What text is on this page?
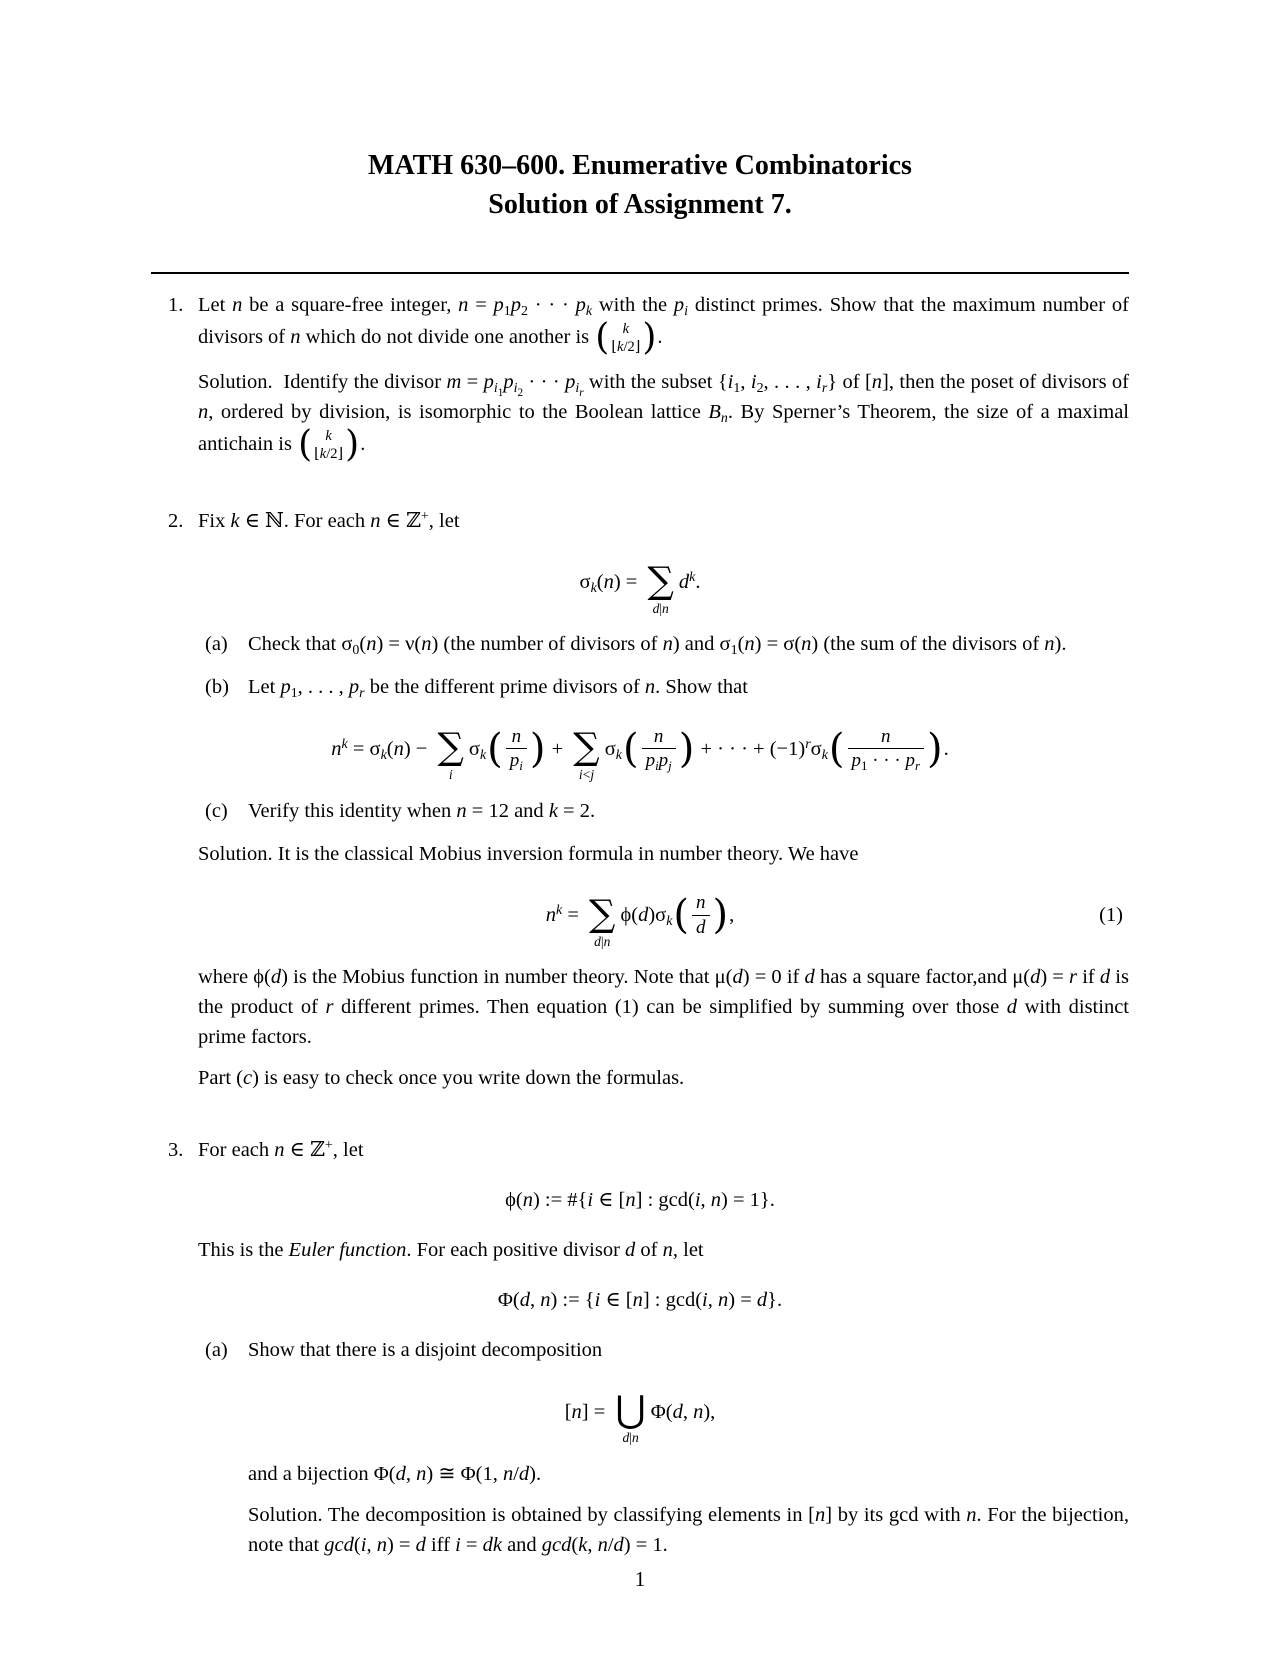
MATH 630–600. Enumerative Combinatorics
Solution of Assignment 7.
1. Let n be a square-free integer, $n = p_1p_2$ · · · $p_k$ with the $p_i$ distinct primes. Show that the maximum number of divisors of n which do not divide one another is ( k
⌊k/2⌋ ) .
Solution.  Identify the divisor $m = p_{i_1}p_{i_2}$ · · · $p_{i_r}$ with the subset {$i_1$, $i_2$, . . . , $i_r$} of [n], then the poset of divisors of n, ordered by division, is isomorphic to the Boolean lattice $B_n$. By Sperner’s Theorem, the size of a maximal antichain is ( k
⌊k/2⌋ ) .
2. Fix k ∈ ℕ. For each n ∈ ℤ+, let
$\sigma_k(n)$ = ∑
d|n
$d^k$.
(a) Check that $\sigma_0(n) = \nu(n)$ (the number of divisors of n) and $\sigma_1(n) = \sigma(n)$ (the sum of the divisors of n).
(b) Let $p_1$, . . . , $p_r$ be the different prime divisors of n. Show that
$n^k = \sigma_k(n)$ − ∑
i
$\sigma_k$ ( $\frac{n}{p_i}$ ) + ∑
i<j
$\sigma_k$ ( $\frac{n}{p_ip_j}$ ) + · · · + $(-1)^r\sigma_k$ ( $\frac{n}{p_1 \cdot \cdot \cdot p_r}$ ) .
(c) Verify this identity when n = 12 and k = 2.
Solution. It is the classical Mobius inversion formula in number theory. We have
$n^k$ = ∑
d|n
$\phi(d)\sigma_k$ ( $\frac{n}{d}$ ) ,	(1)
where ϕ(d) is the Mobius function in number theory. Note that μ(d) = 0 if d has a square factor,and μ(d) = r if d is the product of r different primes. Then equation (1) can be simplified by summing over those d with distinct prime factors.
Part (c) is easy to check once you write down the formulas.
3. For each n ∈ ℤ+, let
ϕ(n) := #{i ∈ [n] : gcd(i, n) = 1}.
This is the Euler function. For each positive divisor d of n, let
Φ(d, n) := {i ∈ [n] : gcd(i, n) = d}.
(a) Show that there is a disjoint decomposition
[n] = ⋃
d|n
Φ(d, n),
and a bijection Φ(d, n) ≅ Φ(1, n/d).
Solution. The decomposition is obtained by classifying elements in [n] by its gcd with n. For the bijection, note that gcd(i, n) = d iff i = dk and gcd(k, n/d) = 1.
1
